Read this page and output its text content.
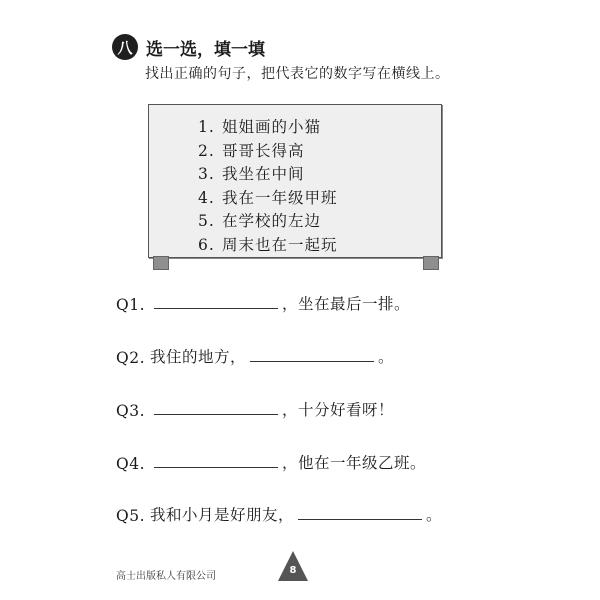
八 选一选，填一填
找出正确的句子，把代表它的数字写在横线上。
1. 姐姐画的小猫
2. 哥哥长得高
3. 我坐在中间
4. 我在一年级甲班
5. 在学校的左边
6. 周末也在一起玩
Q1.	，坐在最后一排。
Q2. 我住的地方，	。
Q3.	，十分好看呀！
Q4.	，他在一年级乙班。
Q5. 我和小月是好朋友，	。
高士出版私人有限公司
8
